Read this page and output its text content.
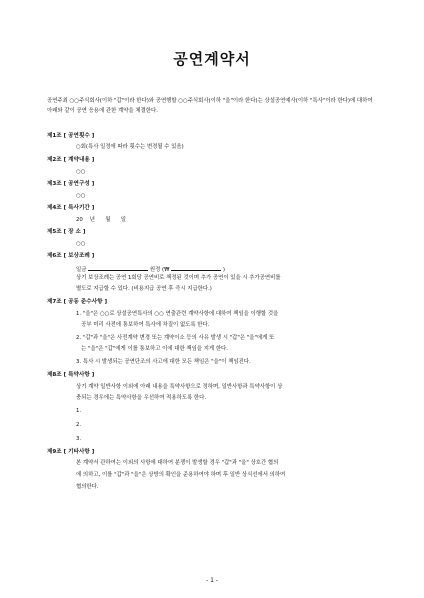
공연계약서
공연주최 ○○주식회사(이하 "갑"이라 한다)와 공연행할 ○○주식회사(이하 "을"이라 한다)는 상설공연예사(이하 "특사"이라 한다)에 대하여 아래와 같이 공연 응용에 관한 계약을 체결한다.
제1조 [ 공연횟수 ]
○회(특사 일정에 따라 횟수는 변경될 수 있음)
제2조 [ 계약내용 ]
○○
제3조 [ 공연구성 ]
○○
제4조 [ 특사기간 ]
20    년      월      일
제5조 [ 장 소 ]
○○
제6조 [ 보상조례 ]
일금	원정 (₩	)
상기 보상조례는 공연 1회당 공연비로 책정된 것이며 추가 공연이 있을 시 추가공연비를
별도로 지급할 수 있다. (비용지급 공연 후 즉시 지급한다.)
제7조 [ 공동 준수사항 ]
1. "을"은 ○○로 상설공연특사의 ○○ 연출관련 계약사항에 대하여 책임을 이행할 것을
공부 미리 사전에 통보하여 특사에 차질이 없도록 한다.
2. "갑"과 "을"은 사전계약 변경 또는 계약이소 등의 사유 발생 시 "갑"은 "을"에게 또
는 "을"은 "갑"에게 이를 통보하고 이에 대한 책임을 지게 한다.
3. 특사 시 발생되는 공연단조의 사고에 대한 모든 책임은 "을"이 책임진다.
제8조 [ 특약사항 ]
상기 계약 일반사항 이외에 아래 내용을 특약사항으로 정하며, 일반사항과 특약사항이 상
충되는 경우에는 특약사항을 우선하여 적용하도록 한다.
1.
2.
3.
제9조 [ 기타사항 ]
본 계약서 관하여는 이외의 사항에 대하여 분쟁이 발생할 경우 "갑"과 "을" 상호간 협의
에 의하고, 이를 "갑"과 "을"은 상방의 확인을 준용하여야 하며 후 일반 상식선에서 의하여
협의한다.
- 1 -
